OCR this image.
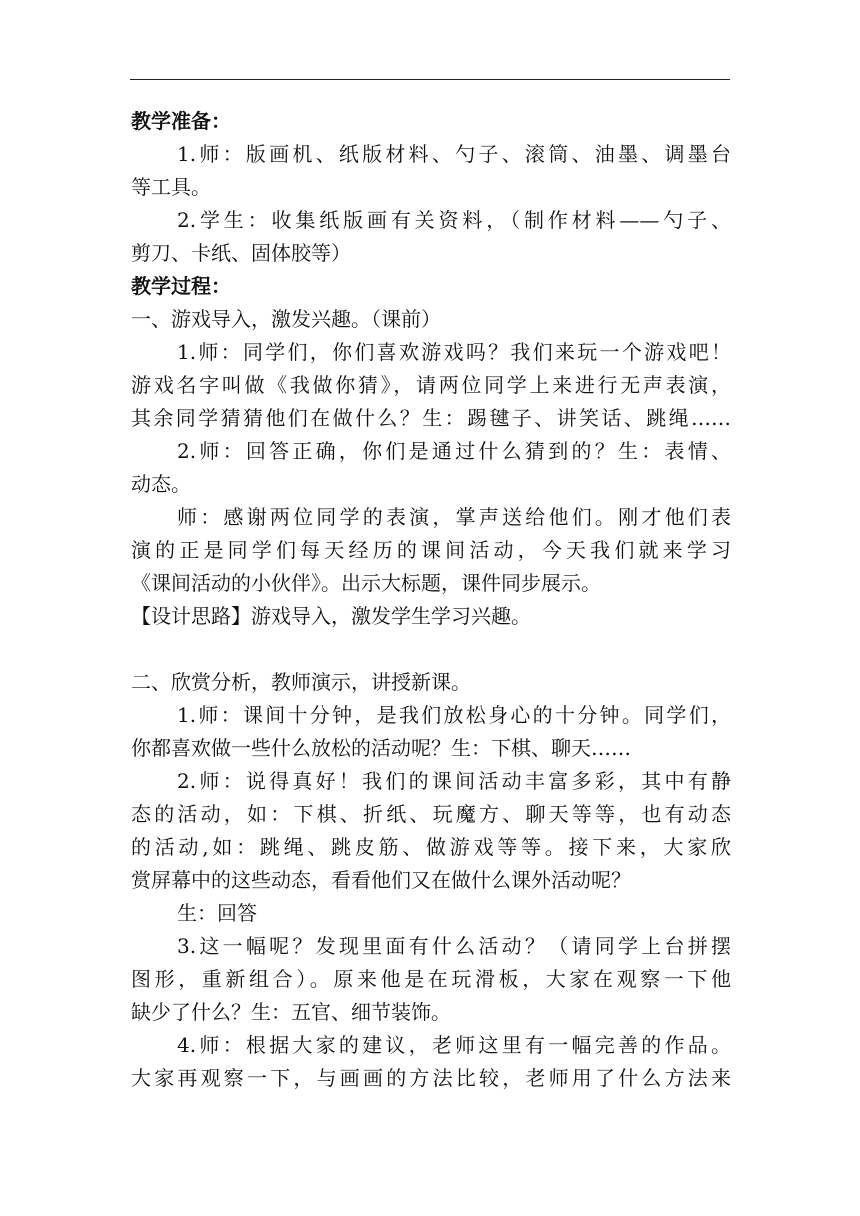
教学准备：
1.师：版画机、纸版材料、勺子、滚筒、油墨、调墨台
等工具。
2.学生：收集纸版画有关资料，（制作材料——勺子、
剪刀、卡纸、固体胶等）
教学过程：
一、游戏导入，激发兴趣。（课前）
1.师：同学们，你们喜欢游戏吗？我们来玩一个游戏吧！
游戏名字叫做《我做你猜》，请两位同学上来进行无声表演，
其余同学猜猜他们在做什么？生：踢毽子、讲笑话、跳绳……
2.师：回答正确，你们是通过什么猜到的？生：表情、
动态。
师：感谢两位同学的表演，掌声送给他们。刚才他们表
演的正是同学们每天经历的课间活动，今天我们就来学习
《课间活动的小伙伴》。出示大标题，课件同步展示。
【设计思路】游戏导入，激发学生学习兴趣。
二、欣赏分析，教师演示，讲授新课。
1.师：课间十分钟，是我们放松身心的十分钟。同学们，
你都喜欢做一些什么放松的活动呢？生：下棋、聊天……
2.师：说得真好！我们的课间活动丰富多彩，其中有静
态的活动，如：下棋、折纸、玩魔方、聊天等等，也有动态
的活动,如：跳绳、跳皮筋、做游戏等等。接下来，大家欣
赏屏幕中的这些动态，看看他们又在做什么课外活动呢？
生：回答
3.这一幅呢？发现里面有什么活动？（请同学上台拼摆
图形，重新组合）。原来他是在玩滑板，大家在观察一下他
缺少了什么？生：五官、细节装饰。
4.师：根据大家的建议，老师这里有一幅完善的作品。
大家再观察一下，与画画的方法比较，老师用了什么方法来
